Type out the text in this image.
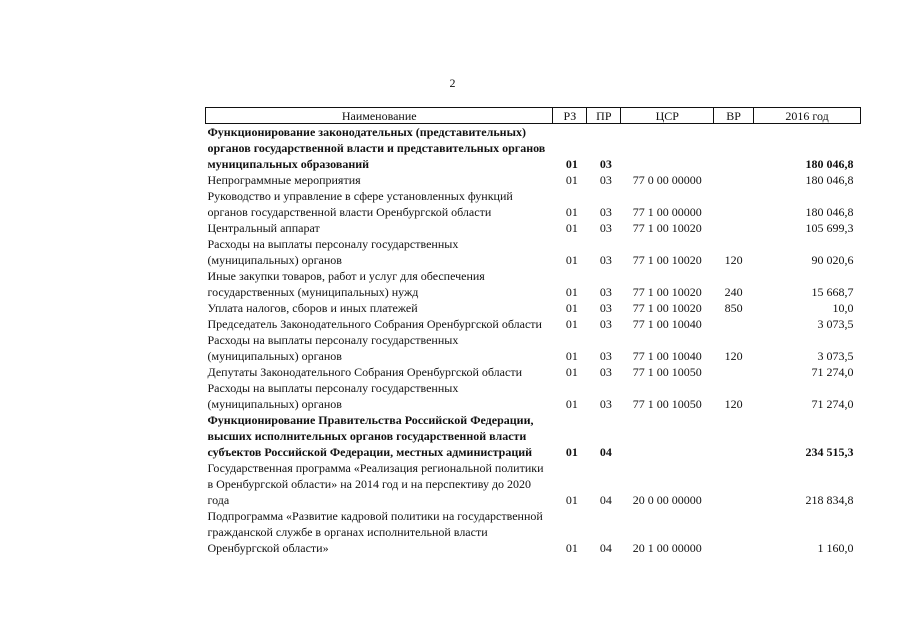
2
Наименование	РЗ	ПР	ЦСР	ВР	2016 год
Функционирование законодательных (представительных) органов государственной власти и представительных органов муниципальных образований	01	03			180 046,8
Непрограммные мероприятия	01	03	77 0 00 00000		180 046,8
Руководство и управление в сфере установленных функций органов государственной власти Оренбургской области	01	03	77 1 00 00000		180 046,8
Центральный аппарат	01	03	77 1 00 10020		105 699,3
Расходы на выплаты персоналу государственных (муниципальных) органов	01	03	77 1 00 10020	120	90 020,6
Иные закупки товаров, работ и услуг для обеспечения государственных (муниципальных) нужд	01	03	77 1 00 10020	240	15 668,7
Уплата налогов, сборов и иных платежей	01	03	77 1 00 10020	850	10,0
Председатель Законодательного Собрания Оренбургской области	01	03	77 1 00 10040		3 073,5
Расходы на выплаты персоналу государственных (муниципальных) органов	01	03	77 1 00 10040	120	3 073,5
Депутаты Законодательного Собрания Оренбургской области	01	03	77 1 00 10050		71 274,0
Расходы на выплаты персоналу государственных (муниципальных) органов	01	03	77 1 00 10050	120	71 274,0
Функционирование Правительства Российской Федерации, высших исполнительных органов государственной власти субъектов Российской Федерации, местных администраций	01	04			234 515,3
Государственная программа «Реализация региональной политики в Оренбургской области» на 2014 год и на перспективу до 2020 года	01	04	20 0 00 00000		218 834,8
Подпрограмма «Развитие кадровой политики на государственной гражданской службе в органах исполнительной власти Оренбургской области»	01	04	20 1 00 00000		1 160,0
